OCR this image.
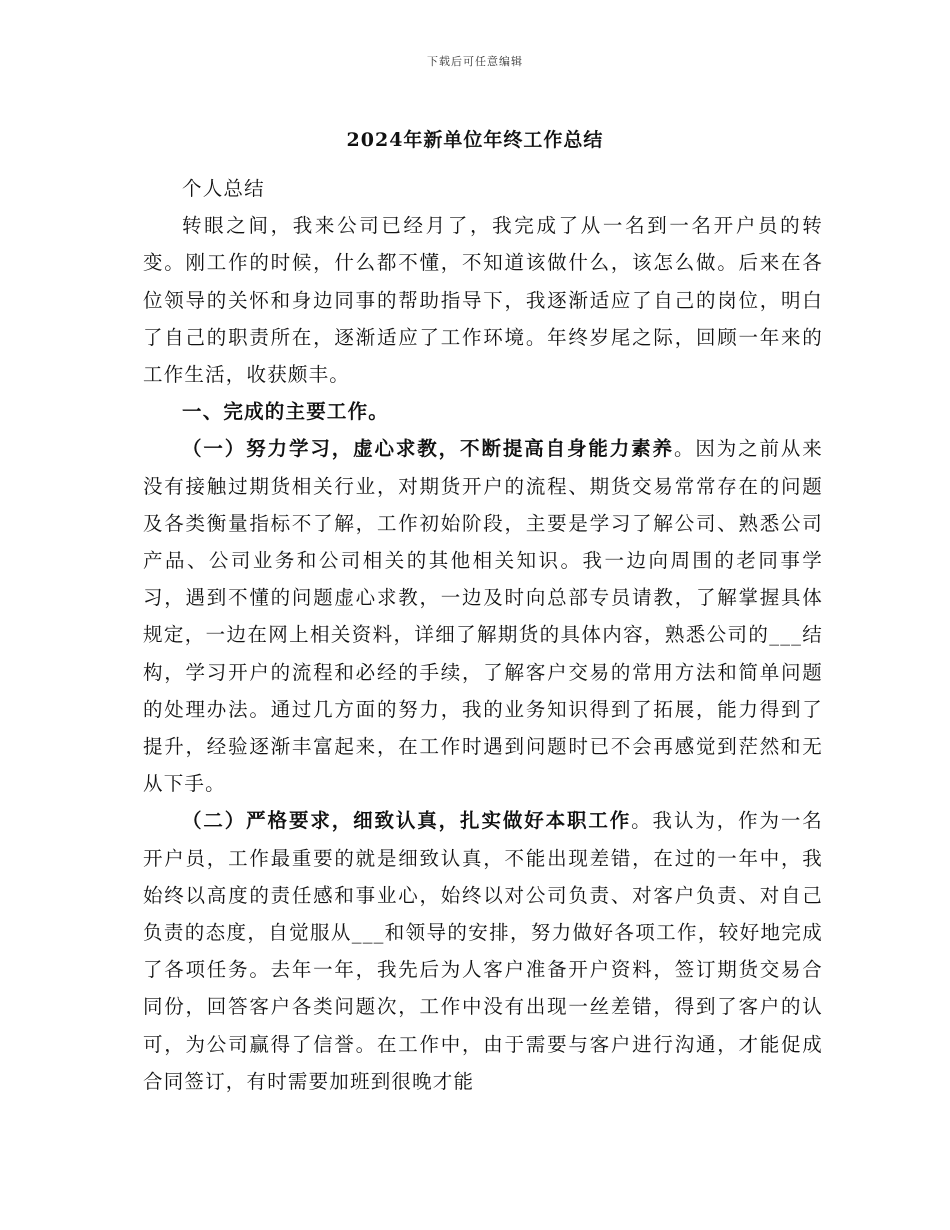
下载后可任意编辑
2024年新单位年终工作总结

个人总结

转眼之间，我来公司已经月了，我完成了从一名到一名开户员的转变。刚工作的时候，什么都不懂，不知道该做什么，该怎么做。后来在各位领导的关怀和身边同事的帮助指导下，我逐渐适应了自己的岗位，明白了自己的职责所在，逐渐适应了工作环境。年终岁尾之际，回顾一年来的工作生活，收获颇丰。

一、完成的主要工作。

（一）努力学习，虚心求教，不断提高自身能力素养。因为之前从来没有接触过期货相关行业，对期货开户的流程、期货交易常常存在的问题及各类衡量指标不了解，工作初始阶段，主要是学习了解公司、熟悉公司产品、公司业务和公司相关的其他相关知识。我一边向周围的老同事学习，遇到不懂的问题虚心求教，一边及时向总部专员请教，了解掌握具体规定，一边在网上相关资料，详细了解期货的具体内容，熟悉公司的___结构，学习开户的流程和必经的手续，了解客户交易的常用方法和简单问题的处理办法。通过几方面的努力，我的业务知识得到了拓展，能力得到了提升，经验逐渐丰富起来，在工作时遇到问题时已不会再感觉到茫然和无从下手。

（二）严格要求，细致认真，扎实做好本职工作。我认为，作为一名开户员，工作最重要的就是细致认真，不能出现差错，在过的一年中，我始终以高度的责任感和事业心，始终以对公司负责、对客户负责、对自己负责的态度，自觉服从___和领导的安排，努力做好各项工作，较好地完成了各项任务。去年一年，我先后为人客户准备开户资料，签订期货交易合同份，回答客户各类问题次，工作中没有出现一丝差错，得到了客户的认可，为公司赢得了信誉。在工作中，由于需要与客户进行沟通，才能促成合同签订，有时需要加班到很晚才能
